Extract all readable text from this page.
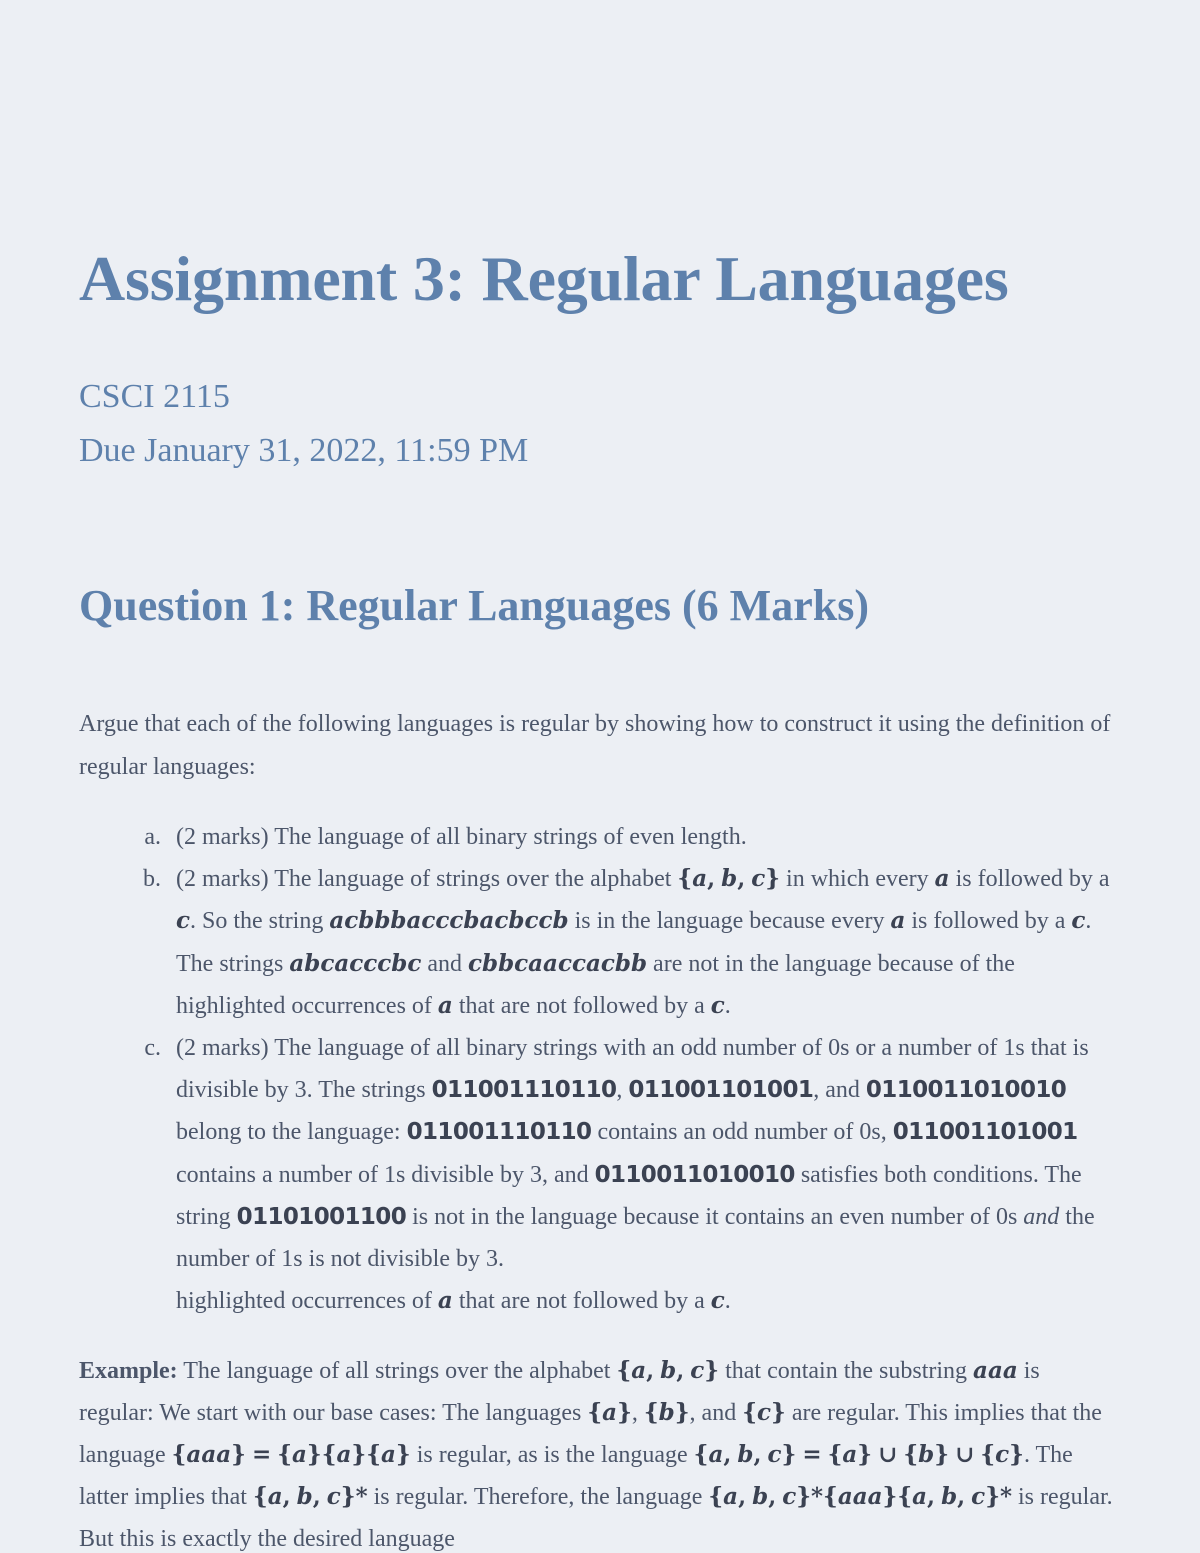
Assignment 3: Regular Languages
CSCI 2115
Due January 31, 2022, 11:59 PM
Question 1: Regular Languages (6 Marks)
Argue that each of the following languages is regular by showing how to construct it using the definition of regular languages:
a. (2 marks) The language of all binary strings of even length.
b. (2 marks) The language of strings over the alphabet {a, b, c} in which every a is followed by a c. So the string acbbbacccbacbccb is in the language because every a is followed by a c. The strings abcacccbc and cbbcaaccacbb are not in the language because of the highlighted occurrences of a that are not followed by a c.
c. (2 marks) The language of all binary strings with an odd number of 0s or a number of 1s that is divisible by 3. The strings 011001110110, 011001101001, and 0110011010010 belong to the language: 011001110110 contains an odd number of 0s, 011001101001 contains a number of 1s divisible by 3, and 0110011010010 satisfies both conditions. The string 01101001100 is not in the language because it contains an even number of 0s and the number of 1s is not divisible by 3.
highlighted occurrences of a that are not followed by a c.
Example: The language of all strings over the alphabet {a, b, c} that contain the substring aaa is regular: We start with our base cases: The languages {a}, {b}, and {c} are regular. This implies that the language {aaa} = {a}{a}{a} is regular, as is the language {a, b, c} = {a} ∪ {b} ∪ {c}. The latter implies that {a, b, c}* is regular. Therefore, the language {a, b, c}*{aaa}{a, b, c}* is regular. But this is exactly the desired language
